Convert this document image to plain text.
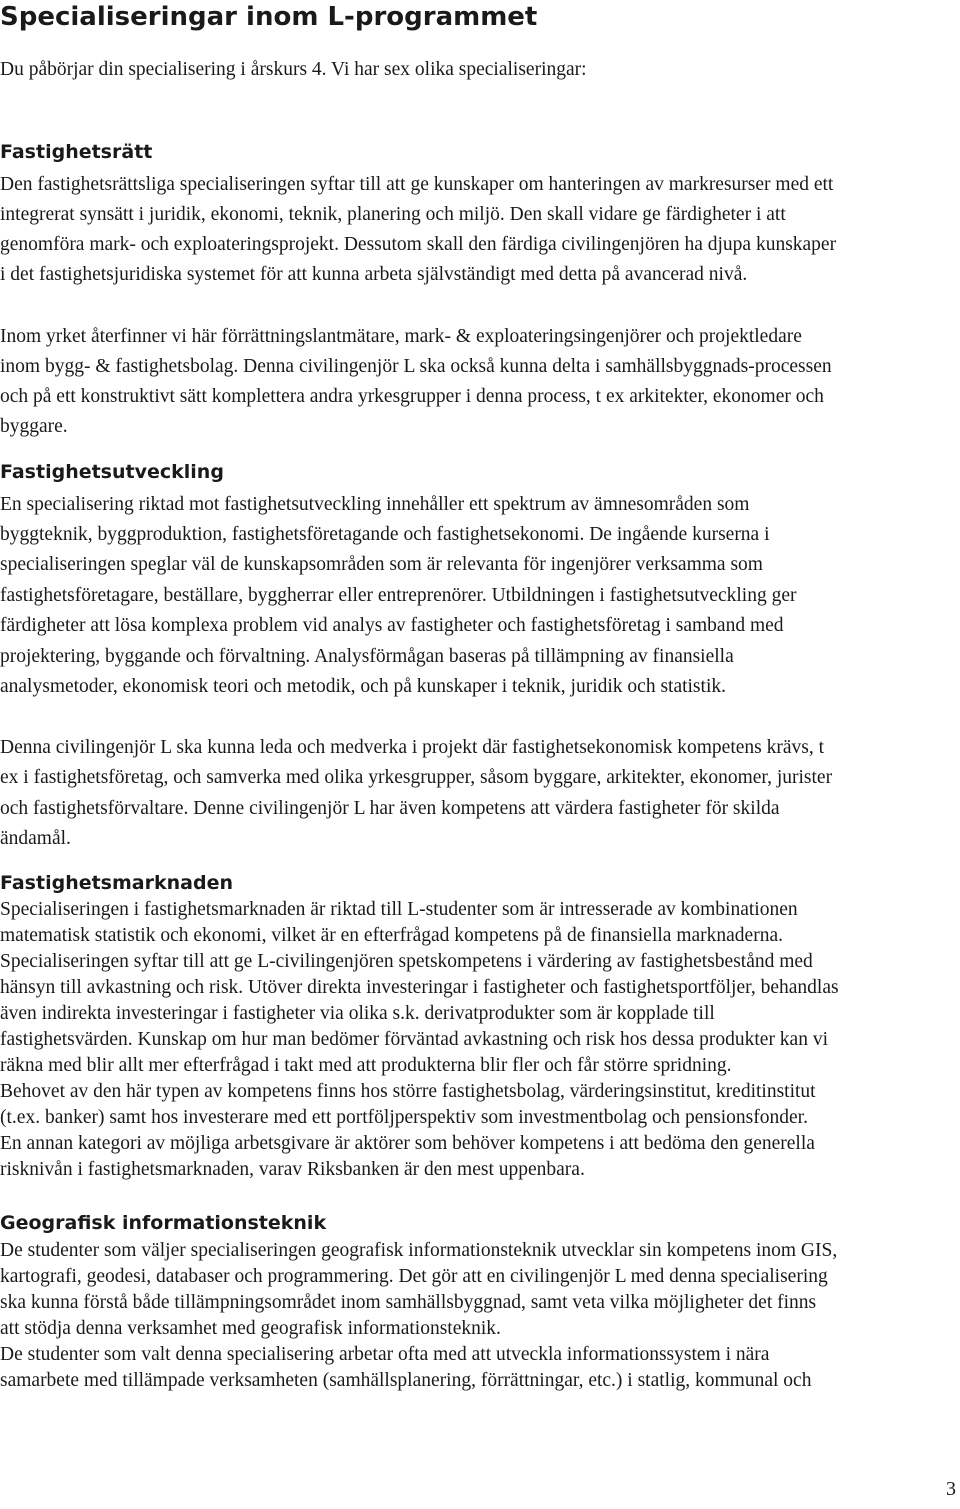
Specialiseringar inom L-programmet

Du påbörjar din specialisering i årskurs 4. Vi har sex olika specialiseringar:

Fastighetsrätt

Den fastighetsrättsliga specialiseringen syftar till att ge kunskaper om hanteringen av markresurser med ett

integrerat synsätt i juridik, ekonomi, teknik, planering och miljö. Den skall vidare ge färdigheter i att

genomföra mark- och exploateringsprojekt. Dessutom skall den färdiga civilingenjören ha djupa kunskaper

i det fastighetsjuridiska systemet för att kunna arbeta självständigt med detta på avancerad nivå.

Inom yrket återfinner vi här förrättningslantmätare, mark- & exploateringsingenjörer och projektledare

inom bygg- & fastighetsbolag. Denna civilingenjör L ska också kunna delta i samhällsbyggnads-processen

och på ett konstruktivt sätt komplettera andra yrkesgrupper i denna process, t ex arkitekter, ekonomer och

byggare.

Fastighetsutveckling

En specialisering riktad mot fastighetsutveckling innehåller ett spektrum av ämnesområden som

byggteknik, byggproduktion, fastighetsföretagande och fastighetsekonomi. De ingående kurserna i

specialiseringen speglar väl de kunskapsområden som är relevanta för ingenjörer verksamma som

fastighetsföretagare, beställare, byggherrar eller entreprenörer. Utbildningen i fastighetsutveckling ger

färdigheter att lösa komplexa problem vid analys av fastigheter och fastighetsföretag i samband med

projektering, byggande och förvaltning. Analysförmågan baseras på tillämpning av finansiella

analysmetoder, ekonomisk teori och metodik, och på kunskaper i teknik, juridik och statistik.

Denna civilingenjör L ska kunna leda och medverka i projekt där fastighetsekonomisk kompetens krävs, t

ex i fastighetsföretag, och samverka med olika yrkesgrupper, såsom byggare, arkitekter, ekonomer, jurister

och fastighetsförvaltare. Denne civilingenjör L har även kompetens att värdera fastigheter för skilda

ändamål.

Fastighetsmarknaden

Specialiseringen i fastighetsmarknaden är riktad till L-studenter som är intresserade av kombinationen

matematisk statistik och ekonomi, vilket är en efterfrågad kompetens på de finansiella marknaderna.

Specialiseringen syftar till att ge L-civilingenjören spetskompetens i värdering av fastighetsbestånd med

hänsyn till avkastning och risk. Utöver direkta investeringar i fastigheter och fastighetsportföljer, behandlas

även indirekta investeringar i fastigheter via olika s.k. derivatprodukter som är kopplade till

fastighetsvärden. Kunskap om hur man bedömer förväntad avkastning och risk hos dessa produkter kan vi

räkna med blir allt mer efterfrågad i takt med att produkterna blir fler och får större spridning.

Behovet av den här typen av kompetens finns hos större fastighetsbolag, värderingsinstitut, kreditinstitut

(t.ex. banker) samt hos investerare med ett portföljperspektiv som investmentbolag och pensionsfonder.

En annan kategori av möjliga arbetsgivare är aktörer som behöver kompetens i att bedöma den generella

risknivån i fastighetsmarknaden, varav Riksbanken är den mest uppenbara.

Geografisk informationsteknik

De studenter som väljer specialiseringen geografisk informationsteknik utvecklar sin kompetens inom GIS,

kartografi, geodesi, databaser och programmering. Det gör att en civilingenjör L med denna specialisering

ska kunna förstå både tillämpningsområdet inom samhällsbyggnad, samt veta vilka möjligheter det finns

att stödja denna verksamhet med geografisk informationsteknik.

De studenter som valt denna specialisering arbetar ofta med att utveckla informationssystem i nära

samarbete med tillämpade verksamheten (samhällsplanering, förrättningar, etc.) i statlig, kommunal och

3
